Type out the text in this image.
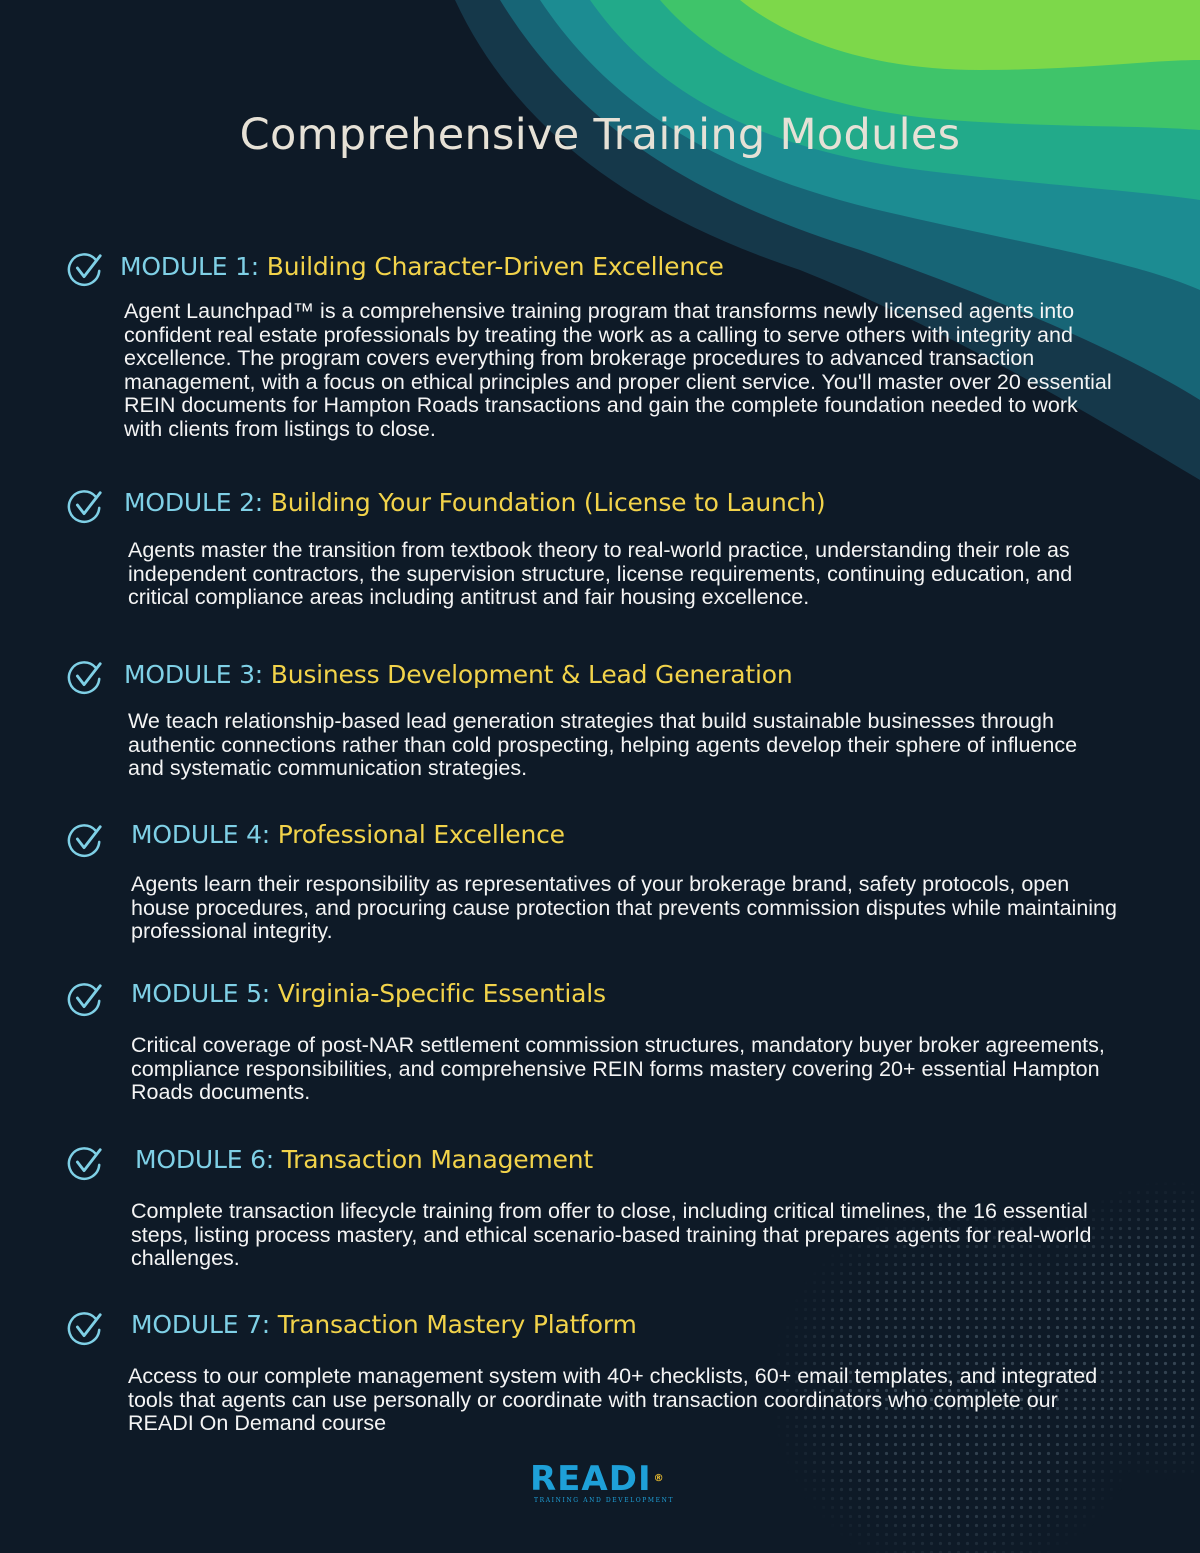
Comprehensive Training Modules
MODULE 1: Building Character-Driven Excellence

Agent Launchpad™ is a comprehensive training program that transforms newly licensed agents into confident real estate professionals by treating the work as a calling to serve others with integrity and excellence. The program covers everything from brokerage procedures to advanced transaction management, with a focus on ethical principles and proper client service. You'll master over 20 essential REIN documents for Hampton Roads transactions and gain the complete foundation needed to work with clients from listings to close.

MODULE 2: Building Your Foundation (License to Launch)

Agents master the transition from textbook theory to real-world practice, understanding their role as independent contractors, the supervision structure, license requirements, continuing education, and critical compliance areas including antitrust and fair housing excellence.

MODULE 3: Business Development & Lead Generation

We teach relationship-based lead generation strategies that build sustainable businesses through authentic connections rather than cold prospecting, helping agents develop their sphere of influence and systematic communication strategies.

MODULE 4: Professional Excellence

Agents learn their responsibility as representatives of your brokerage brand, safety protocols, open house procedures, and procuring cause protection that prevents commission disputes while maintaining professional integrity.

MODULE 5: Virginia-Specific Essentials

Critical coverage of post-NAR settlement commission structures, mandatory buyer broker agreements, compliance responsibilities, and comprehensive REIN forms mastery covering 20+ essential Hampton Roads documents.

MODULE 6: Transaction Management

Complete transaction lifecycle training from offer to close, including critical timelines, the 16 essential steps, listing process mastery, and ethical scenario-based training that prepares agents for real-world challenges.

MODULE 7: Transaction Mastery Platform

Access to our complete management system with 40+ checklists, 60+ email templates, and integrated tools that agents can use personally or coordinate with transaction coordinators who complete our READI On Demand course

READI ®
TRAINING AND DEVELOPMENT
